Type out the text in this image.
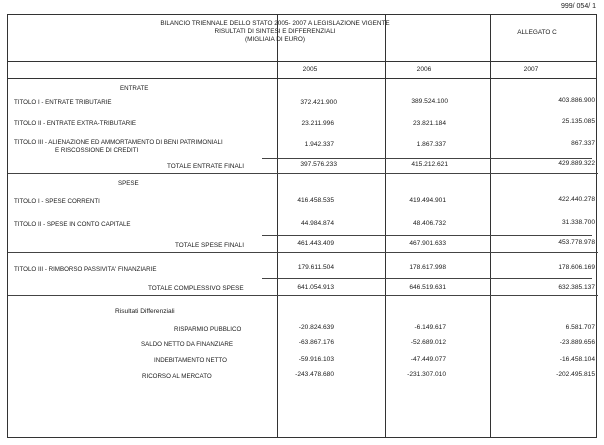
999/ 054/ 1
BILANCIO TRIENNALE DELLO STATO 2005- 2007 A LEGISLAZIONE VIGENTE
RISULTATI DI SINTESI E DIFFERENZIALI
(MIGLIAIA DI EURO)
ALLEGATO C
2005	2006	2007
ENTRATE
TITOLO I - ENTRATE TRIBUTARIE	372.421.900	389.524.100	403.886.900
TITOLO II - ENTRATE EXTRA-TRIBUTARIE	23.211.996	23.821.184	25.135.085
TITOLO III - ALIENAZIONE ED AMMORTAMENTO DI BENI PATRIMONIALI
E RISCOSSIONE DI CREDITI
1.942.337	1.867.337	867.337
TOTALE ENTRATE FINALI	397.576.233	415.212.621	429.889.322
SPESE
TITOLO I - SPESE CORRENTI	416.458.535	419.494.901	422.440.278
TITOLO II - SPESE IN CONTO CAPITALE	44.984.874	48.406.732	31.338.700
TOTALE SPESE FINALI	461.443.409	467.901.633	453.778.978
TITOLO III - RIMBORSO PASSIVITA' FINANZIARIE	179.611.504	178.617.998	178.606.169
TOTALE COMPLESSIVO SPESE	641.054.913	646.519.631	632.385.137
Risultati Differenziali
RISPARMIO PUBBLICO	-20.824.639	-6.149.617	6.581.707
SALDO NETTO DA FINANZIARE	-63.867.176	-52.689.012	-23.889.656
INDEBITAMENTO NETTO	-59.916.103	-47.449.077	-16.458.104
RICORSO AL MERCATO	-243.478.680	-231.307.010	-202.495.815
